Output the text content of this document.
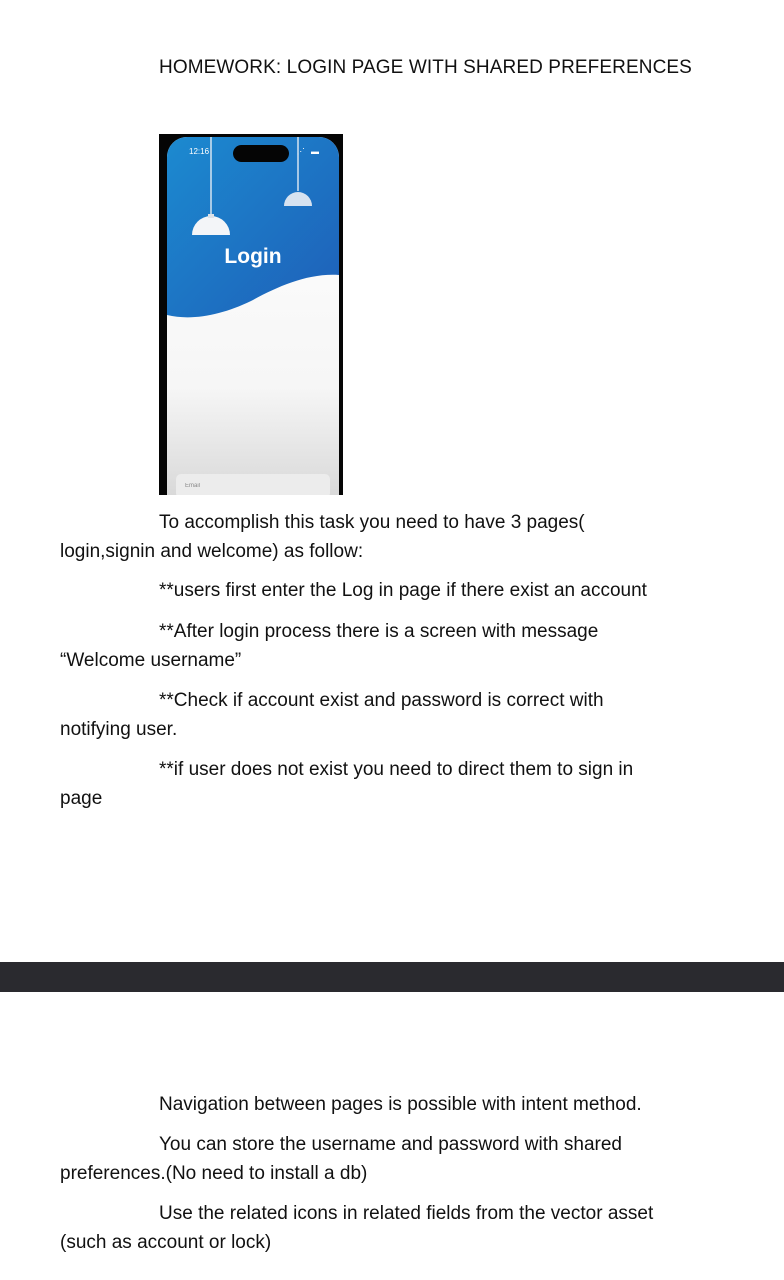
HOMEWORK: LOGIN PAGE WITH SHARED PREFERENCES
12:16	⋰ ▬
Login
Email
To accomplish this task you need to have 3 pages(
login,signin and welcome) as follow:
**users first enter the Log in page if there exist an account
**After login process there is a screen with message
“Welcome username”
**Check if account exist and password is correct with
notifying user.
**if user does not exist you need to direct them to sign in
page
Navigation between pages is possible with intent method.
You can store the username and password with shared
preferences.(No need to install a db)
Use the related icons in related fields from the vector asset
(such as account or lock)
